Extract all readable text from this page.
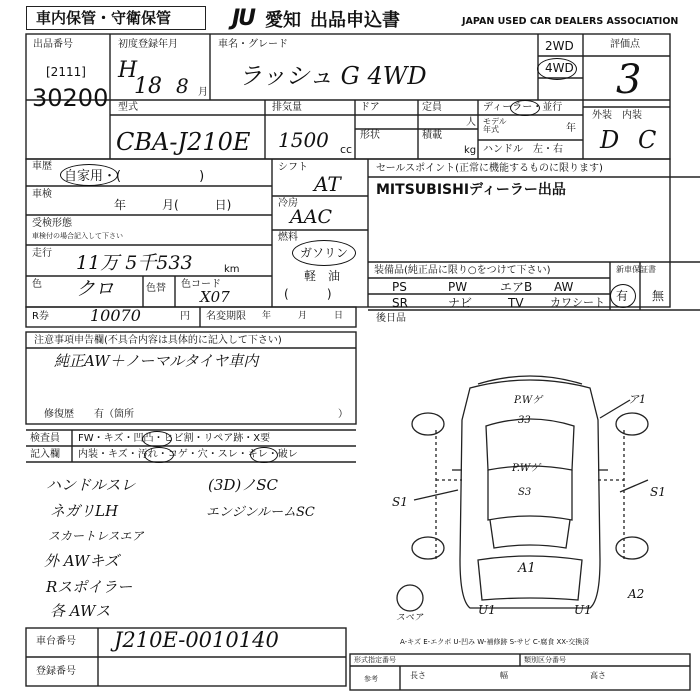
車内保管・守衛保管	JU 愛知 出品申込書	JAPAN USED CAR DEALERS ASSOCIATION
出品番号
[2111]
30200
初度登録年月
H
18 8 月
車名・グレード
ラッシュ G 4WD
2WD
4WD
評価点
3
型式
CBA-J210E
排気量
1500 cc
ドア
形状
定員
人
積載
kg
ディーラー・並行
モデル
年式	年
ハンドル　左・右
外装　内装
D C
車歴
自家用・(　　　　　　)
車検
年　　　月(　　　日)
受検形態
車検付の場合記入して下さい
走行 11万 5千533	km
色 クロ	色替 色コード
X07
シフト
AT
冷房
AAC
燃料
ガソリン
軽　油
(          )
セールスポイント(正常に機能するものに限ります)
MITSUBISHIディーラー出品
装備品(純正品に限り○をつけて下さい)
PS	PW	エアB AW
SR	ナビ	TV カワシート
新車保証書
有 無
後日品
R券	10070	円 名変期限 年　　　月　　　日
注意事項申告欄(不具合内容は具体的に記入して下さい)
純正AW＋ノーマルタイヤ車内
修復歴　　有（箇所	）
検査員
記入欄
FW・キズ・凹凸・ヒビ割・リペア跡・X要
内装・キズ・汚れ・コゲ・穴・スレ・キレ・破レ
ハンドルスレ
ネガリLH
スカートレスエア
外 AWキズ
Rスポイラー
各 AWス
(3D)ノSC
エンジンルームSC
P.Wゲ
33
P.Wゲ
S3
S1
S1
A1
U1	U1
A2
スペア
ア1
A-キズ E-エクボ U-凹み W-補修跡 S-サビ C-腐食 XX-交換済
車台番号 J210E-0010140
登録番号
形式指定番号	類別区分番号
参考	長さ	幅	高さ
